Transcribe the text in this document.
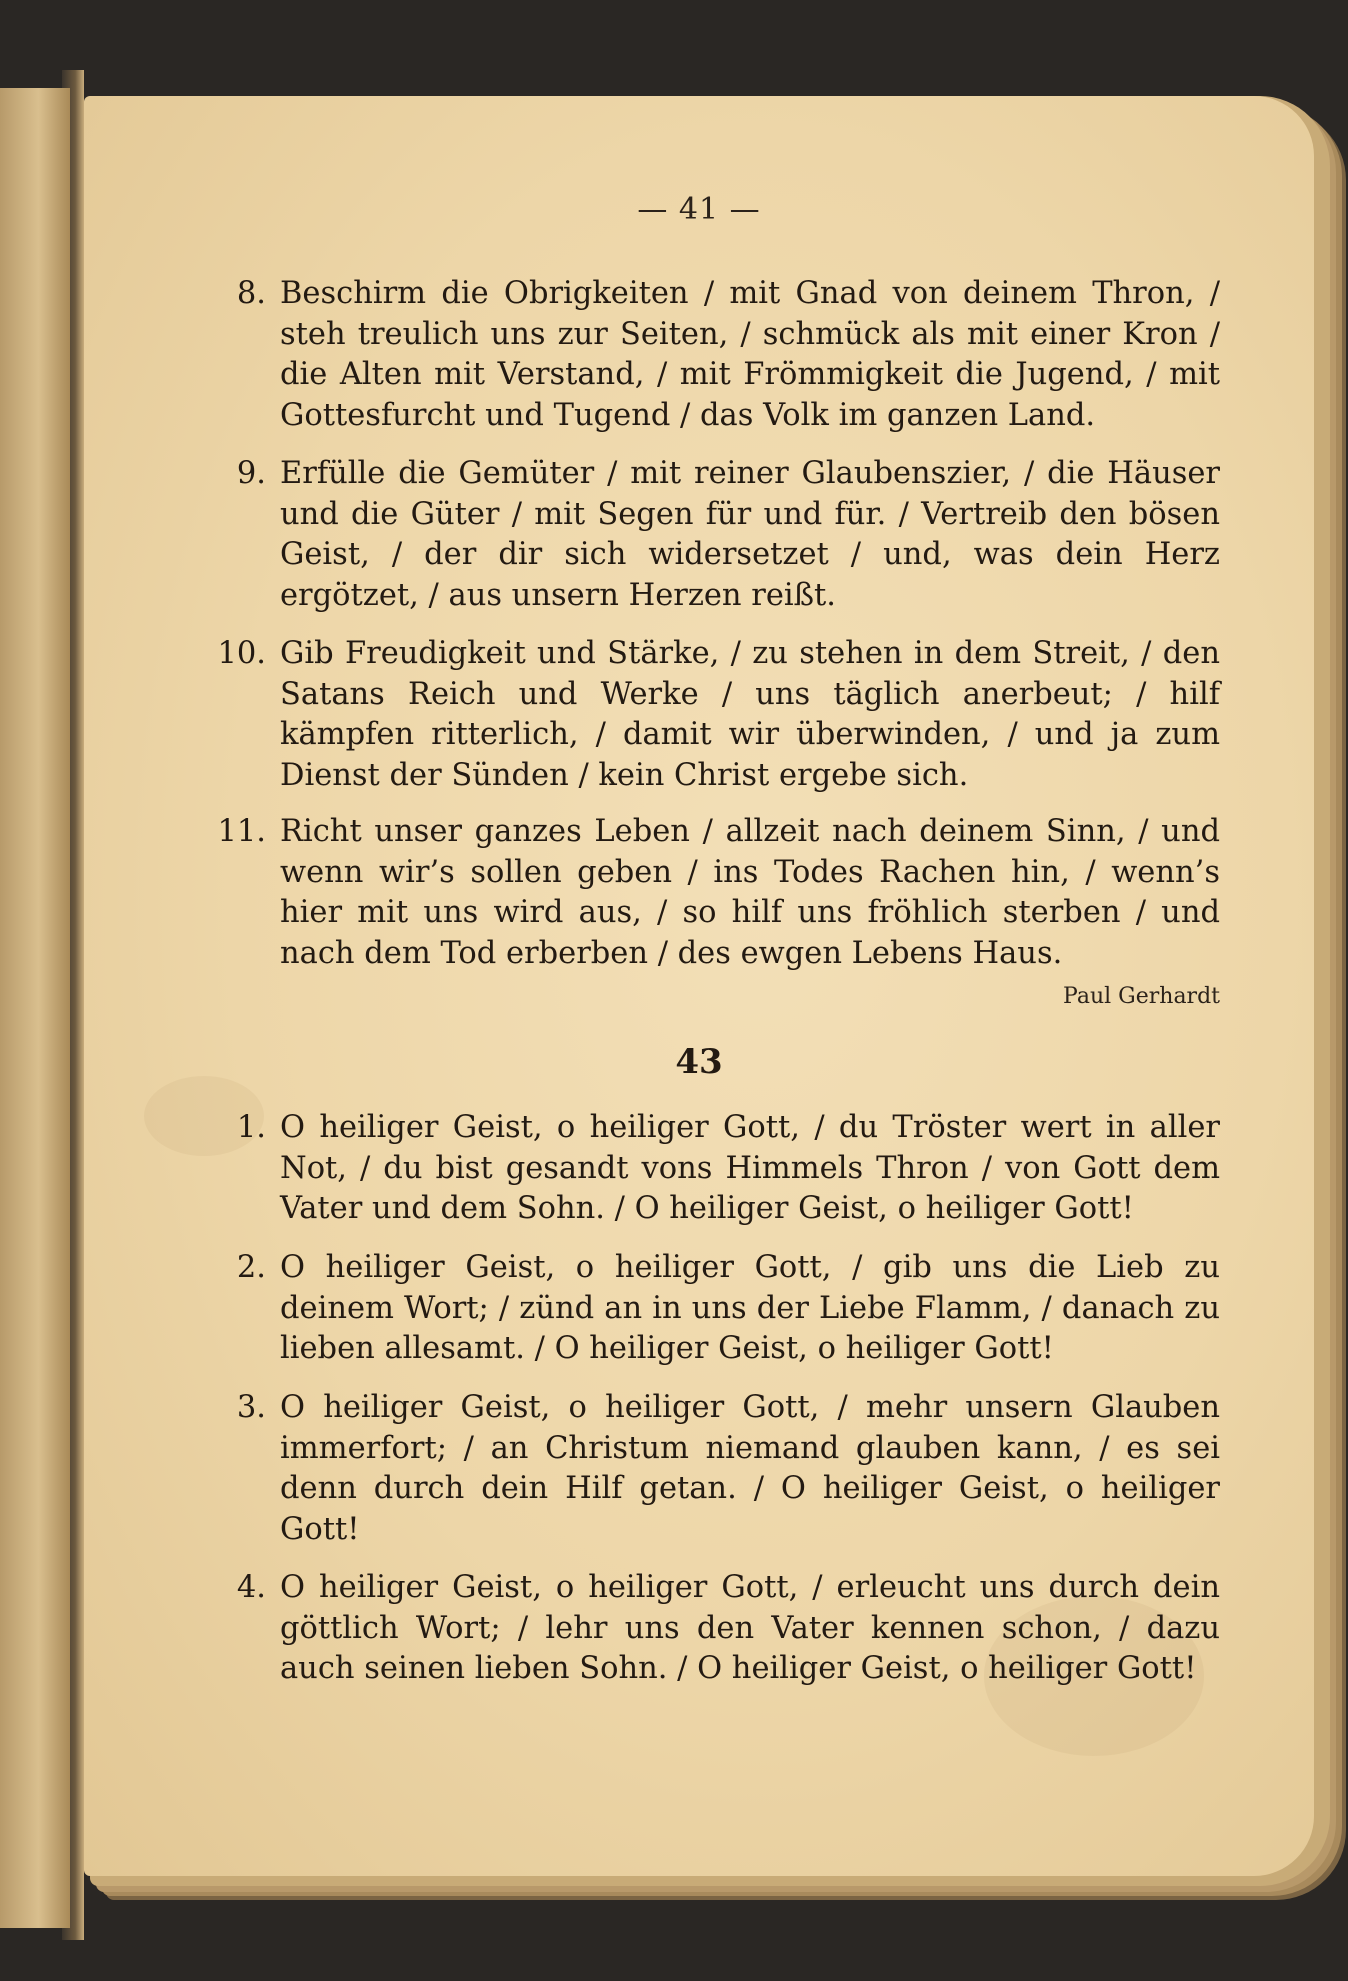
— 41 —
8. Beschirm die Obrigkeiten / mit Gnad von deinem Thron, / steh treulich uns zur Seiten, / schmück als mit einer Kron / die Alten mit Verstand, / mit Frömmigkeit die Jugend, / mit Gottesfurcht und Tugend / das Volk im ganzen Land.
9. Erfülle die Gemüter / mit reiner Glaubenszier, / die Häuser und die Güter / mit Segen für und für. / Vertreib den bösen Geist, / der dir sich widersetzet / und, was dein Herz ergötzet, / aus unsern Herzen reißt.
10. Gib Freudigkeit und Stärke, / zu stehen in dem Streit, / den Satans Reich und Werke / uns täglich anerbeut; / hilf kämpfen ritterlich, / damit wir überwinden, / und ja zum Dienst der Sünden / kein Christ ergebe sich.
11. Richt unser ganzes Leben / allzeit nach deinem Sinn, / und wenn wir’s sollen geben / ins Todes Rachen hin, / wenn’s hier mit uns wird aus, / so hilf uns fröhlich sterben / und nach dem Tod erberben / des ewgen Lebens Haus.
Paul Gerhardt
43
1. O heiliger Geist, o heiliger Gott, / du Tröster wert in aller Not, / du bist gesandt vons Himmels Thron / von Gott dem Vater und dem Sohn. / O heiliger Geist, o heiliger Gott!
2. O heiliger Geist, o heiliger Gott, / gib uns die Lieb zu deinem Wort; / zünd an in uns der Liebe Flamm, / danach zu lieben allesamt. / O heiliger Geist, o heiliger Gott!
3. O heiliger Geist, o heiliger Gott, / mehr unsern Glauben immerfort; / an Christum niemand glauben kann, / es sei denn durch dein Hilf getan. / O heiliger Geist, o heiliger Gott!
4. O heiliger Geist, o heiliger Gott, / erleucht uns durch dein göttlich Wort; / lehr uns den Vater kennen schon, / dazu auch seinen lieben Sohn. / O heiliger Geist, o heiliger Gott!
